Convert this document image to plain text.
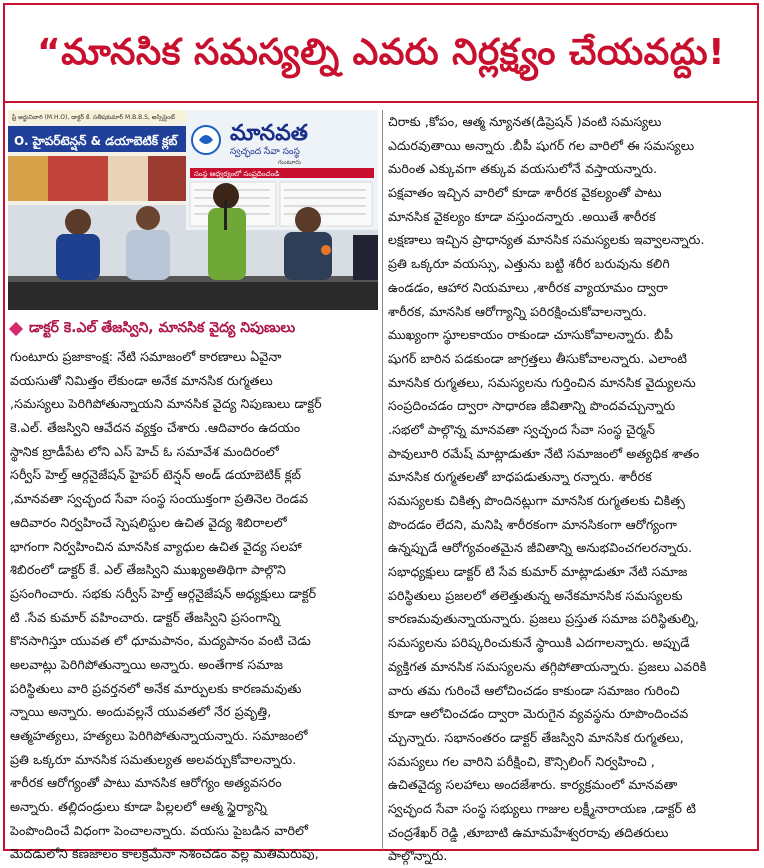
“మానసిక సమస్యల్ని ఎవరు నిర్లక్ష్యం చేయవద్దు!
ఫ్రీ అర్జునివారి (M.H.O), డాక్టర్ కే. సతీషకుమార్ M.B.B.S, అస్సిస్టెంట్
O. హైపర్‌టెన్షన్ & డయాబెటిక్ క్లబ్ మానవత
స్వచ్ఛంద సేవా సంస్థ
గుంటూరు
సంస్థ ఆధ్వర్యంలో సంప్రదించండి
డాక్టర్ కె.ఎల్ తేజస్విని, మానసిక వైద్య నిపుణులు
గుంటూరు ప్రజాకాంక్ష: నేటి సమాజంలో కారణాలు ఏవైనా
వయసుతో నిమిత్తం లేకుండా అనేక మానసిక రుగ్మతలు
,సమస్యలు పెరిగిపోతున్నాయని మానసిక వైద్య నిపుణులు డాక్టర్
కె.ఎల్. తేజస్విని ఆవేదన వ్యక్తం చేశారు .ఆదివారం ఉదయం
స్థానిక బ్రాడీపేట లోని ఎస్ హెచ్ ఓ సమావేశ మందిరంలో
సర్వీస్ హెల్త్ ఆర్గనైజేషన్ హైపర్ టెన్షన్ అండ్ డయాబెటిక్ క్లబ్
,మానవతా స్వచ్ఛంద సేవా సంస్థ సంయుక్తంగా ప్రతినెల రెండవ
ఆదివారం నిర్వహించే స్పెషలిస్టుల ఉచిత వైద్య శిబిరాలలో
భాగంగా నిర్వహించిన మానసిక వ్యాధుల ఉచిత వైద్య సలహా
శిబిరంలో డాక్టర్ కే. ఎల్ తేజస్విని ముఖ్యఅతిథిగా పాల్గొని
ప్రసంగించారు. సభకు సర్వీస్ హెల్త్ ఆర్గనైజేషన్ అధ్యక్షులు డాక్టర్
టి .సేవ కుమార్ వహించారు. డాక్టర్ తేజస్విని ప్రసంగాన్ని
కొనసాగిస్తూ యువత లో ధూమపానం, మద్యపానం వంటి చెడు
అలవాట్లు పెరిగిపోతున్నాయి అన్నారు. అంతేగాక సమాజ
పరిస్థితులు వారి ప్రవర్తనలో అనేక మార్పులకు కారణమవుతు
న్నాయి అన్నారు. అందువల్లనే యువతలో నేర ప్రవృత్తి,
ఆత్మహత్యలు, హత్యలు పెరిగిపోతున్నాయన్నారు. సమాజంలో
ప్రతి ఒక్కరూ మానసిక సమతుల్యత అలవర్చుకోవాలన్నారు.
శారీరక ఆరోగ్యంతో పాటు మానసిక ఆరోగ్యం అత్యవసరం
అన్నారు. తల్లిదండ్రులు కూడా పిల్లలలో ఆత్మ స్థైర్యాన్ని
పెంపొందించే విధంగా పెంచాలన్నారు. వయసు పైబడిన వారిలో
మెదడులోని కణజాలం కాలక్రమేనా నశించడం వల్ల మతిమరుపు,
చిరాకు ,కోపం, ఆత్మ న్యూనత(డిప్రెషన్ )వంటి సమస్యలు
ఎదురవుతాయి అన్నారు .బీపీ షుగర్ గల వారిలో ఈ సమస్యలు
మరింత ఎక్కువగా తక్కువ వయసులోనే వస్తాయన్నారు.
పక్షవాతం ఇచ్చిన వారిలో కూడా శారీరక వైకల్యంతో పాటు
మానసిక వైకల్యం కూడా వస్తుందన్నారు .అయితే శారీరక
లక్షణాలు ఇచ్చిన ప్రాధాన్యత మానసిక సమస్యలకు ఇవ్వాలన్నారు.
ప్రతి ఒక్కరూ వయస్సు, ఎత్తును బట్టి శరీర బరువును కలిగి
ఉండడం, ఆహార నియమాలు ,శారీరక వ్యాయామం ద్వారా
శారీరక, మానసిక ఆరోగ్యాన్ని పరిరక్షించుకోవాలన్నారు.
ముఖ్యంగా స్థూలకాయం రాకుండా చూసుకోవాలన్నారు. బీపీ
షుగర్ బారిన పడకుండా జాగ్రత్తలు తీసుకోవాలన్నారు. ఎలాంటి
మానసిక రుగ్మతలు, సమస్యలను గుర్తించిన మానసిక వైద్యులను
సంప్రదించడం ద్వారా సాధారణ జీవితాన్ని పొందవచ్చున్నారు
.సభలో పాల్గొన్న మానవతా స్వచ్ఛంద సేవా సంస్థ చైర్మన్
పావులూరి రమేష్ మాట్లాడుతూ నేటి సమాజంలో అత్యధిక శాతం
మానసిక రుగ్మతలతో బాధపడుతున్నా రన్నారు. శారీరక
సమస్యలకు చికిత్స పొందినట్లుగా మానసిక రుగ్మతలకు చికిత్స
పొందడం లేదని, మనిషి శారీరకంగా మానసికంగా ఆరోగ్యంగా
ఉన్నప్పుడే ఆరోగ్యవంతమైన జీవితాన్ని అనుభవించగలరన్నారు.
సభాధ్యక్షులు డాక్టర్ టి సేవ కుమార్ మాట్లాడుతూ నేటి సమాజ
పరిస్థితులు ప్రజలలో తలెత్తుతున్న అనేకమానసిక సమస్యలకు
కారణమవుతున్నాయన్నారు. ప్రజలు ప్రస్తుత సమాజ పరిస్థితుల్ని,
సమస్యలను పరిష్కరించుకునే స్థాయికి ఎదగాలన్నారు. అప్పుడే
వ్యక్తిగత మానసిక సమస్యలను తగ్గిపోతాయన్నారు. ప్రజలు ఎవరికి
వారు తమ గురించే ఆలోచించడం కాకుండా సమాజం గురించి
కూడా ఆలోచించడం ద్వారా మెరుగైన వ్యవస్థను రూపొందించవ
చ్చున్నారు. సభానంతరం డాక్టర్ తేజస్విని మానసిక రుగ్మతలు,
సమస్యలు గల వారిని పరీక్షించి, కౌన్సిలింగ్ నిర్వహించి ,
ఉచితవైద్య సలహాలు అందజేశారు. కార్యక్రమంలో మానవతా
స్వచ్ఛంద సేవా సంస్థ సభ్యులు గాజుల లక్ష్మీనారాయణ ,డాక్టర్ టి
చంద్రశేఖర్ రెడ్డి ,తూబాటి ఉమామహేశ్వరరావు తదితరులు
పాల్గొన్నారు.
